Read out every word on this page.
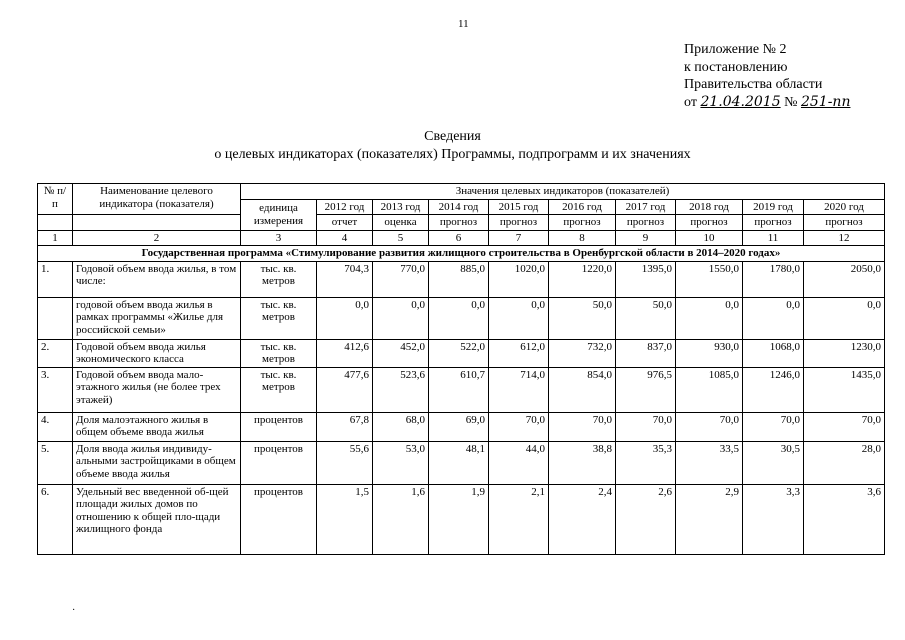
11
Приложение № 2
к постановлению
Правительства области
от 21.04.2015 № 251-пп
Сведения
о целевых индикаторах (показателях) Программы, подпрограмм и их значениях
№ п/п	Наименование целевого индикатора (показателя)	Значения целевых индикаторов (показателей)									
		единица измерения	2012 год	2013 год	2014 год	2015 год	2016 год	2017 год	2018 год	2019 год	2020 год
			отчет	оценка	прогноз	прогноз	прогноз	прогноз	прогноз	прогноз	прогноз
1	2	3	4	5	6	7	8	9	10	11	12
Государственная программа «Стимулирование развития жилищного строительства в Оренбургской области в 2014–2020 годах»											
1.	Годовой объем ввода жилья, в том числе:	тыс. кв. метров	704,3	770,0	885,0	1020,0	1220,0	1395,0	1550,0	1780,0	2050,0
	годовой объем ввода жилья в рамках программы «Жилье для российской семьи»	тыс. кв. метров	0,0	0,0	0,0	0,0	50,0	50,0	0,0	0,0	0,0
2.	Годовой объем ввода жилья экономического класса	тыс. кв. метров	412,6	452,0	522,0	612,0	732,0	837,0	930,0	1068,0	1230,0
3.	Годовой объем ввода мало-этажного жилья (не более трех этажей)	тыс. кв. метров	477,6	523,6	610,7	714,0	854,0	976,5	1085,0	1246,0	1435,0
4.	Доля малоэтажного жилья в общем объеме ввода жилья	процентов	67,8	68,0	69,0	70,0	70,0	70,0	70,0	70,0	70,0
5.	Доля ввода жилья индивиду-альными застройщиками в общем объеме ввода жилья	процентов	55,6	53,0	48,1	44,0	38,8	35,3	33,5	30,5	28,0
6.	Удельный вес введенной об-щей площади жилых домов по отношению к общей пло-щади жилищного фонда	процентов	1,5	1,6	1,9	2,1	2,4	2,6	2,9	3,3	3,6
·
